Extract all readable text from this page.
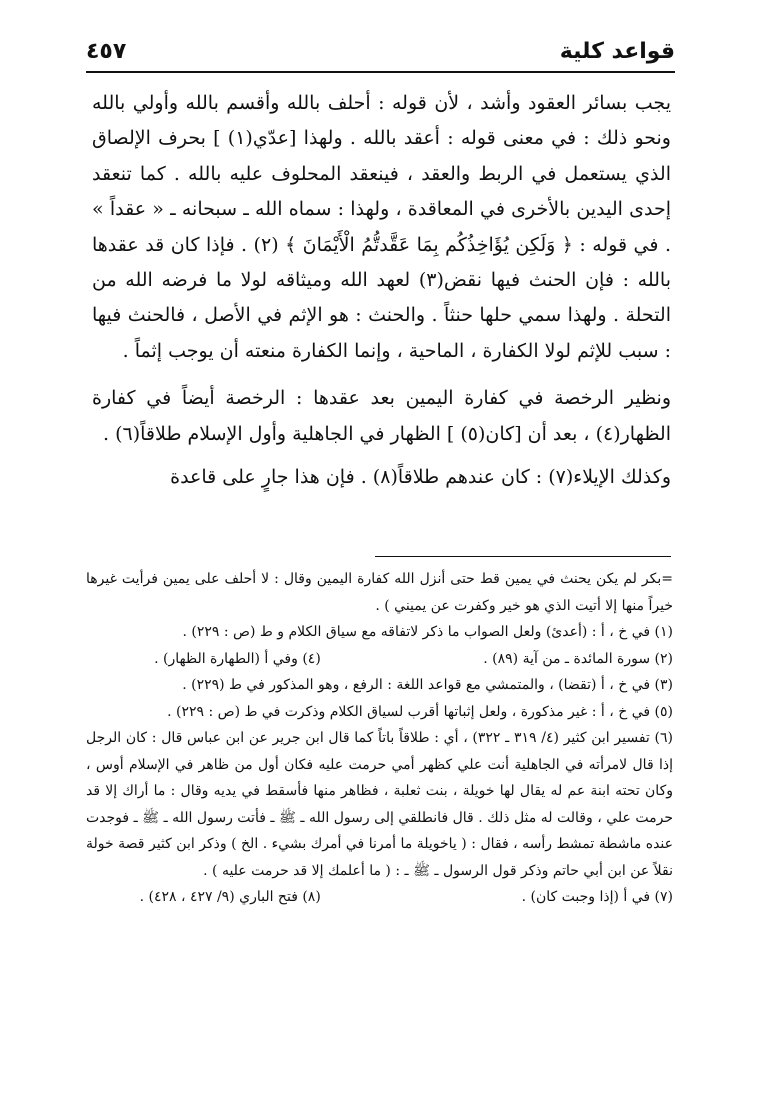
قواعد كلية
٤٥٧

يجب بسائر العقود وأشد ، لأن قوله : أحلف بالله وأقسم بالله وأولي بالله ونحو ذلك : في معنى قوله : أعقد بالله . ولهذا [عدّي(١) ] بحرف الإلصاق الذي يستعمل في الربط والعقد ، فينعقد المحلوف عليه بالله . كما تنعقد إحدى اليدين بالأخرى في المعاقدة ، ولهذا : سماه الله ـ سبحانه ـ « عقداً » . في قوله : ﴿ وَلَكِن يُؤَاخِذُكُم بِمَا عَقَّدتُّمُ الْأَيْمَانَ ﴾ (٢) . فإذا كان قد عقدها بالله : فإن الحنث فيها نقض(٣) لعهد الله وميثاقه لولا ما فرضه الله من التحلة . ولهذا سمي حلها حنثاً . والحنث : هو الإثم في الأصل ، فالحنث فيها : سبب للإثم لولا الكفارة ، الماحية ، وإنما الكفارة منعته أن يوجب إثماً .

ونظير الرخصة في كفارة اليمين بعد عقدها : الرخصة أيضاً في كفارة الظهار(٤) ، بعد أن [كان(٥) ] الظهار في الجاهلية وأول الإسلام طلاقاً(٦) .

وكذلك الإيلاء(٧) : كان عندهم طلاقاً(٨) . فإن هذا جارٍ على قاعدة

=بكر لم يكن يحنث في يمين قط حتى أنزل الله كفارة اليمين وقال : لا أحلف على يمين فرأيت غيرها خيراً منها إلا أتيت الذي هو خير وكفرت عن يميني ) .

(١) في خ ، أ : (أعدئ) ولعل الصواب ما ذكر لاتفاقه مع سياق الكلام و ط (ص : ٢٢٩) .

(٢) سورة المائدة ـ من آية (٨٩) .
(٤) وفي أ (الطهارة الظهار) .

(٣) في خ ، أ (تقضا) ، والمتمشي مع قواعد اللغة : الرفع ، وهو المذكور في ط (٢٢٩) .

(٥) في خ ، أ : غير مذكورة ، ولعل إثباتها أقرب لسياق الكلام وذكرت في ط (ص : ٢٢٩) .

(٦) تفسير ابن كثير (٤/ ٣١٩ ـ ٣٢٢) ، أي : طلاقاً باتاً كما قال ابن جرير عن ابن عباس قال : كان الرجل إذا قال لامرأته في الجاهلية أنت علي كظهر أمي حرمت عليه فكان أول من ظاهر في الإسلام أوس ، وكان تحته ابنة عم له يقال لها خويلة ، بنت ثعلبة ، فظاهر منها فأسقط في يديه وقال : ما أراك إلا قد حرمت علي ، وقالت له مثل ذلك . قال فانطلقي إلى رسول الله ـ ﷺ ـ فأتت رسول الله ـ ﷺ ـ فوجدت عنده ماشطة تمشط رأسه ، فقال : ( ياخويلة ما أمرنا في أمرك بشيء . الخ ) وذكر ابن كثير قصة خولة نقلاً عن ابن أبي حاتم وذكر قول الرسول ـ ﷺ ـ : ( ما أعلمك إلا قد حرمت عليه ) .

(٧) في أ (إذا وجبت كان) .
(٨) فتح الباري (٩/ ٤٢٧ ، ٤٢٨) .
